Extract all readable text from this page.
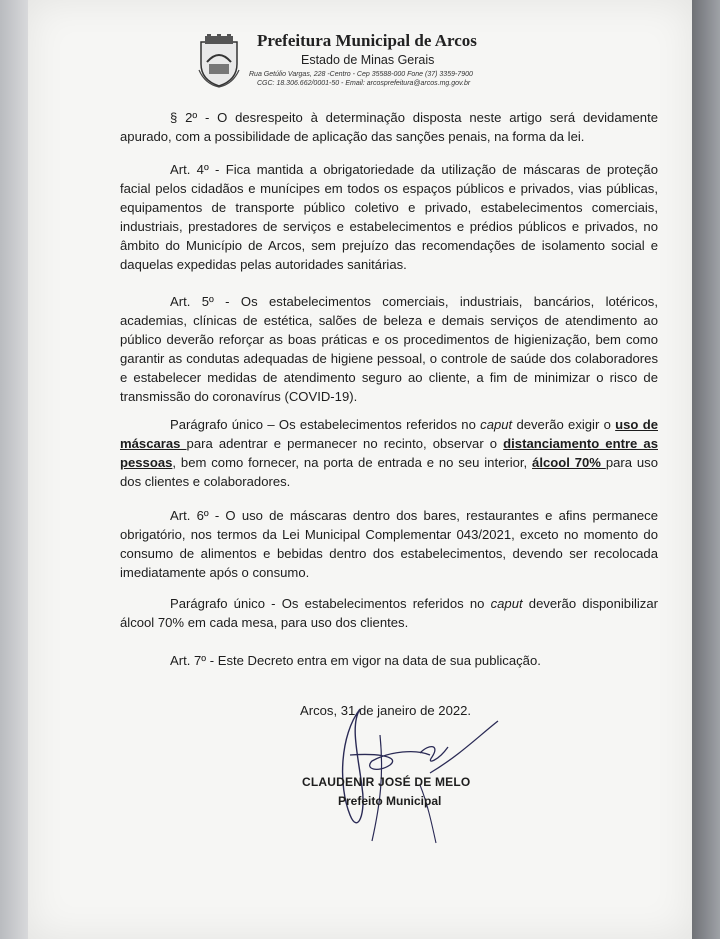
Prefeitura Municipal de Arcos
Estado de Minas Gerais
Rua Getúlio Vargas, 228 -Centro - Cep 35588-000 Fone (37) 3359-7900
CGC: 18.306.662/0001-50 - Email: arcosprefeitura@arcos.mg.gov.br

§ 2º - O desrespeito à determinação disposta neste artigo será devidamente apurado, com a possibilidade de aplicação das sanções penais, na forma da lei.

Art. 4º - Fica mantida a obrigatoriedade da utilização de máscaras de proteção facial pelos cidadãos e munícipes em todos os espaços públicos e privados, vias públicas, equipamentos de transporte público coletivo e privado, estabelecimentos comerciais, industriais, prestadores de serviços e estabelecimentos e prédios públicos e privados, no âmbito do Município de Arcos, sem prejuízo das recomendações de isolamento social e daquelas expedidas pelas autoridades sanitárias.

Art. 5º - Os estabelecimentos comerciais, industriais, bancários, lotéricos, academias, clínicas de estética, salões de beleza e demais serviços de atendimento ao público deverão reforçar as boas práticas e os procedimentos de higienização, bem como garantir as condutas adequadas de higiene pessoal, o controle de saúde dos colaboradores e estabelecer medidas de atendimento seguro ao cliente, a fim de minimizar o risco de transmissão do coronavírus (COVID-19).

Parágrafo único – Os estabelecimentos referidos no caput deverão exigir o uso de máscaras para adentrar e permanecer no recinto, observar o distanciamento entre as pessoas, bem como fornecer, na porta de entrada e no seu interior, álcool 70% para uso dos clientes e colaboradores.

Art. 6º - O uso de máscaras dentro dos bares, restaurantes e afins permanece obrigatório, nos termos da Lei Municipal Complementar 043/2021, exceto no momento do consumo de alimentos e bebidas dentro dos estabelecimentos, devendo ser recolocada imediatamente após o consumo.

Parágrafo único - Os estabelecimentos referidos no caput deverão disponibilizar álcool 70% em cada mesa, para uso dos clientes.

Art. 7º - Este Decreto entra em vigor na data de sua publicação.

Arcos, 31 de janeiro de 2022.
CLAUDENIR JOSÉ DE MELO
Prefeito Municipal
